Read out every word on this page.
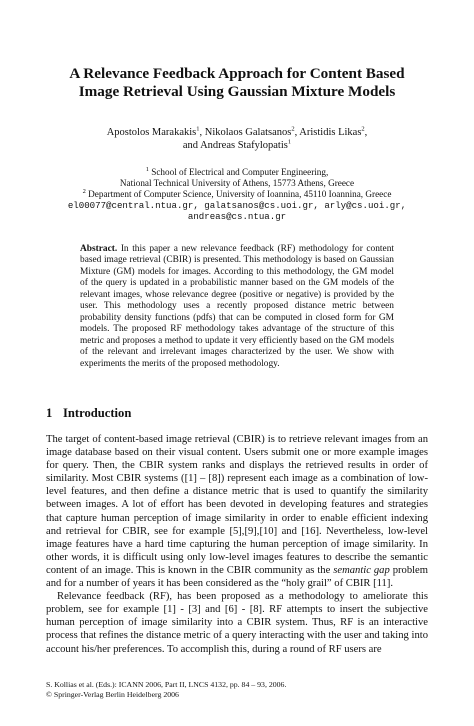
A Relevance Feedback Approach for Content Based
Image Retrieval Using Gaussian Mixture Models
Apostolos Marakakis$^1$, Nikolaos Galatsanos$^2$, Aristidis Likas$^2$,
and Andreas Stafylopatis$^1$
$^1$ School of Electrical and Computer Engineering,
National Technical University of Athens, 15773 Athens, Greece
$^2$ Department of Computer Science, University of Ioannina, 45110 Ioannina, Greece
el00077@central.ntua.gr, galatsanos@cs.uoi.gr, arly@cs.uoi.gr,
andreas@cs.ntua.gr
Abstract. In this paper a new relevance feedback (RF) methodology for content based image retrieval (CBIR) is presented. This methodology is based on Gaussian Mixture (GM) models for images. According to this methodology, the GM model of the query is updated in a probabilistic manner based on the GM models of the relevant images, whose relevance degree (positive or negative) is provided by the user. This methodology uses a recently proposed distance metric between probability density functions (pdfs) that can be computed in closed form for GM models. The proposed RF methodology takes advantage of the structure of this metric and proposes a method to update it very efficiently based on the GM models of the relevant and irrelevant images characterized by the user. We show with experiments the merits of the proposed methodology.
1 Introduction

The target of content-based image retrieval (CBIR) is to retrieve relevant images from an image database based on their visual content. Users submit one or more example images for query. Then, the CBIR system ranks and displays the retrieved results in order of similarity. Most CBIR systems ([1] – [8]) represent each image as a combination of low-level features, and then define a distance metric that is used to quantify the similarity between images. A lot of effort has been devoted in developing features and strategies that capture human perception of image similarity in order to enable efficient indexing and retrieval for CBIR, see for example [5],[9],[10] and [16]. Nevertheless, low-level image features have a hard time capturing the human perception of image similarity. In other words, it is difficult using only low-level images features to describe the semantic content of an image. This is known in the CBIR community as the semantic gap problem and for a number of years it has been considered as the “holy grail” of CBIR [11].

Relevance feedback (RF), has been proposed as a methodology to ameliorate this problem, see for example [1] - [3] and [6] - [8]. RF attempts to insert the subjective human perception of image similarity into a CBIR system. Thus, RF is an interactive process that refines the distance metric of a query interacting with the user and taking into account his/her preferences. To accomplish this, during a round of RF users are

S. Kollias et al. (Eds.): ICANN 2006, Part II, LNCS 4132, pp. 84 – 93, 2006.
© Springer-Verlag Berlin Heidelberg 2006
